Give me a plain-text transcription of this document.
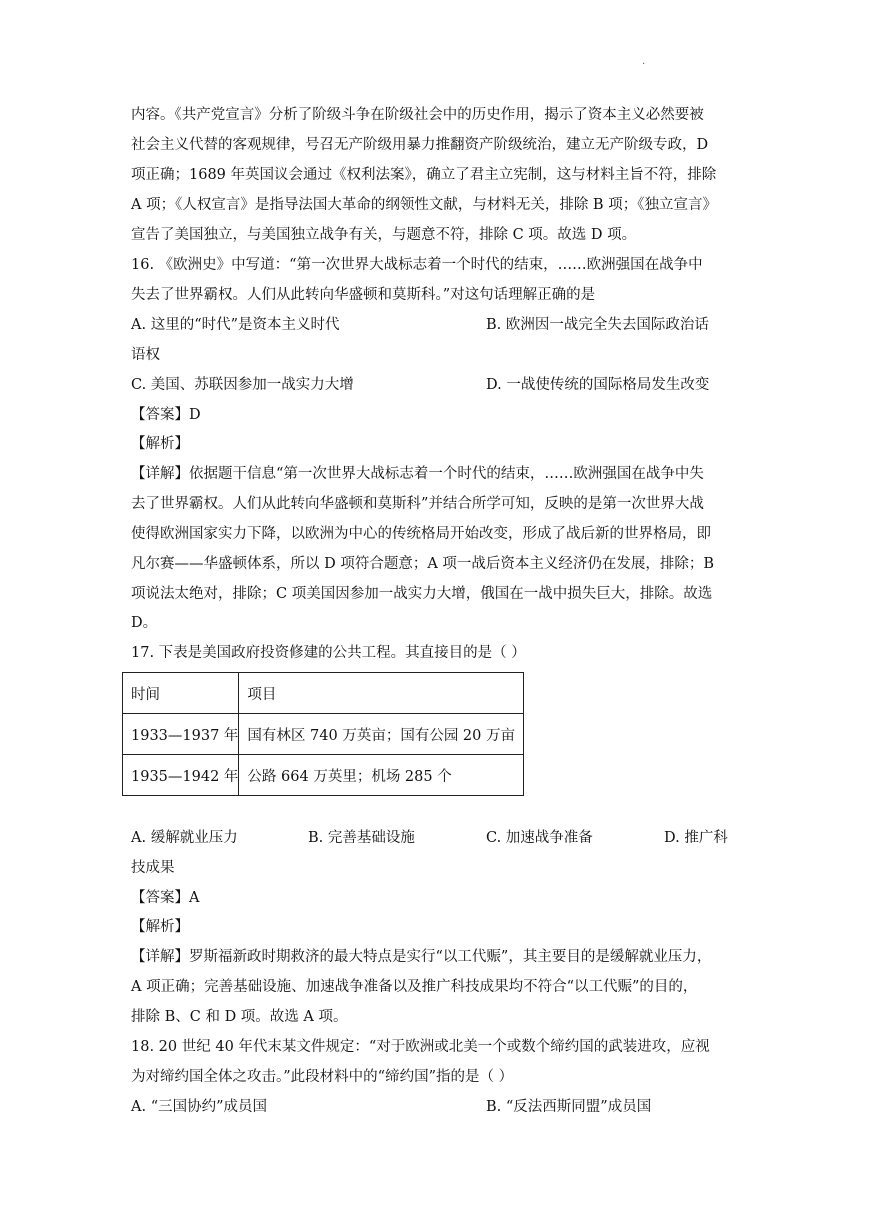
.
内容。《共产党宣言》分析了阶级斗争在阶级社会中的历史作用，揭示了资本主义必然要被
社会主义代替的客观规律，号召无产阶级用暴力推翻资产阶级统治，建立无产阶级专政，D
项正确；1689 年英国议会通过《权利法案》，确立了君主立宪制，这与材料主旨不符，排除
A 项；《人权宣言》是指导法国大革命的纲领性文献，与材料无关，排除 B 项；《独立宣言》
宣告了美国独立，与美国独立战争有关，与题意不符，排除 C 项。故选 D 项。
16. 《欧洲史》中写道：“第一次世界大战标志着一个时代的结束，……欧洲强国在战争中
失去了世界霸权。人们从此转向华盛顿和莫斯科。”对这句话理解正确的是
A. 这里的“时代”是资本主义时代	B. 欧洲因一战完全失去国际政治话
语权
C. 美国、苏联因参加一战实力大增	D. 一战使传统的国际格局发生改变
【答案】D
【解析】
【详解】依据题干信息“第一次世界大战标志着一个时代的结束，……欧洲强国在战争中失
去了世界霸权。人们从此转向华盛顿和莫斯科”并结合所学可知，反映的是第一次世界大战
使得欧洲国家实力下降，以欧洲为中心的传统格局开始改变，形成了战后新的世界格局，即
凡尔赛——华盛顿体系，所以 D 项符合题意；A 项一战后资本主义经济仍在发展，排除；B
项说法太绝对，排除；C 项美国因参加一战实力大增，俄国在一战中损失巨大，排除。故选
D。
17. 下表是美国政府投资修建的公共工程。其直接目的是（ ）
时间	项目
1933—1937 年	国有林区 740 万英亩；国有公园 20 万亩
1935—1942 年	公路 664 万英里；机场 285 个
A. 缓解就业压力	B. 完善基础设施	C. 加速战争准备	D. 推广科
技成果
【答案】A
【解析】
【详解】罗斯福新政时期救济的最大特点是实行“以工代赈”，其主要目的是缓解就业压力，
A 项正确；完善基础设施、加速战争准备以及推广科技成果均不符合“以工代赈”的目的，
排除 B、C 和 D 项。故选 A 项。
18. 20 世纪 40 年代末某文件规定：“对于欧洲或北美一个或数个缔约国的武装进攻，应视
为对缔约国全体之攻击。”此段材料中的“缔约国”指的是（ ）
A. “三国协约”成员国	B. “反法西斯同盟”成员国
